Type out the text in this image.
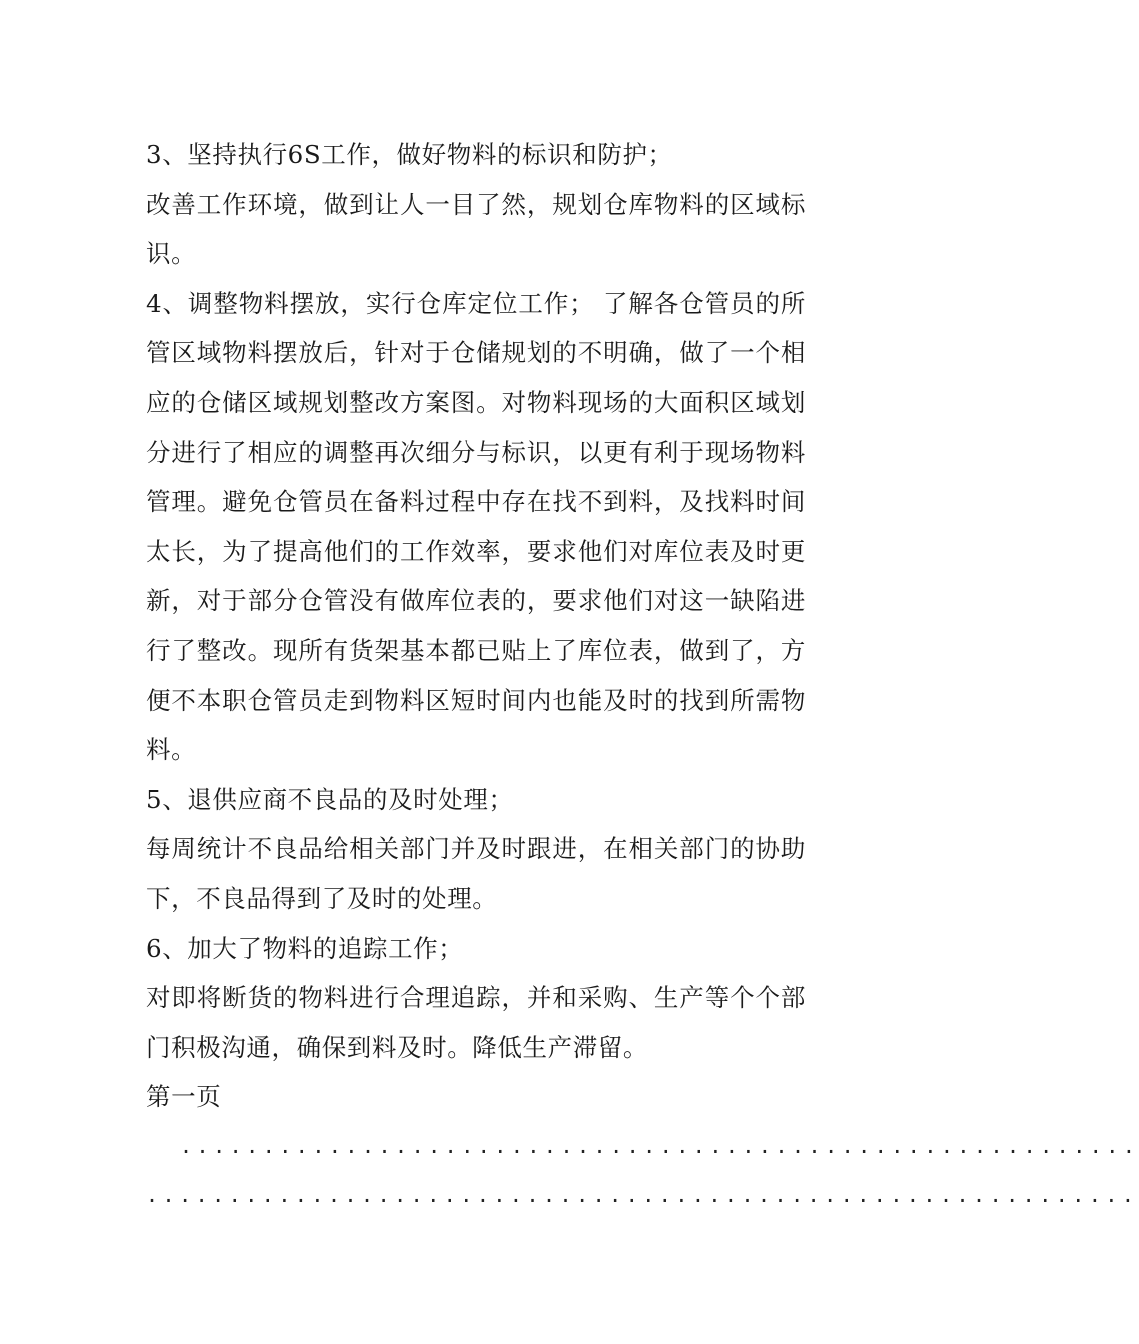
3、坚持执行6S工作，做好物料的标识和防护；

改善工作环境，做到让人一目了然，规划仓库物料的区域标识。

4、调整物料摆放，实行仓库定位工作； 了解各仓管员的所管区域物料摆放后，针对于仓储规划的不明确，做了一个相应的仓储区域规划整改方案图。对物料现场的大面积区域划分进行了相应的调整再次细分与标识，以更有利于现场物料管理。避免仓管员在备料过程中存在找不到料，及找料时间太长，为了提高他们的工作效率，要求他们对库位表及时更新，对于部分仓管没有做库位表的，要求他们对这一缺陷进行了整改。现所有货架基本都已贴上了库位表，做到了，方便不本职仓管员走到物料区短时间内也能及时的找到所需物料。

5、退供应商不良品的及时处理；

每周统计不良品给相关部门并及时跟进，在相关部门的协助下，不良品得到了及时的处理。

6、加大了物料的追踪工作；

对即将断货的物料进行合理追踪，并和采购、生产等个个部门积极沟通，确保到料及时。降低生产滞留。

第一页

..........................................................
............................................................
